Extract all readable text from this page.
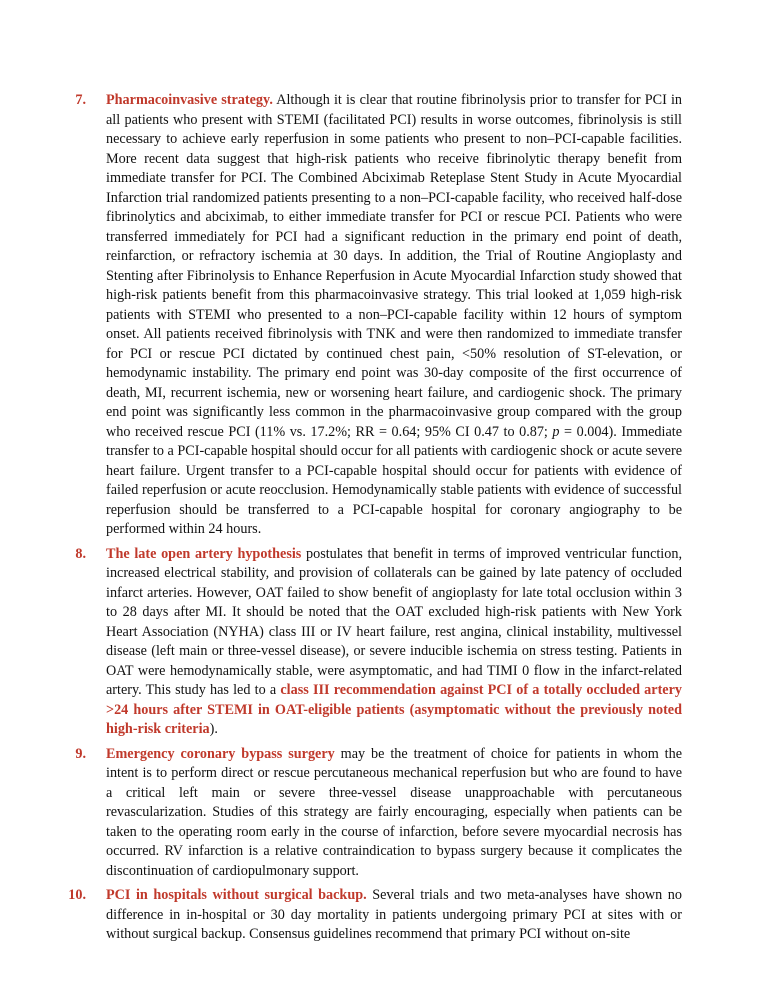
7. Pharmacoinvasive strategy. Although it is clear that routine fibrinolysis prior to transfer for PCI in all patients who present with STEMI (facilitated PCI) results in worse outcomes, fibrinolysis is still necessary to achieve early reperfusion in some patients who present to non–PCI-capable facilities. More recent data suggest that high-risk patients who receive fibrinolytic therapy benefit from immediate transfer for PCI. The Combined Abciximab Reteplase Stent Study in Acute Myocardial Infarction trial randomized patients presenting to a non–PCI-capable facility, who received half-dose fibrinolytics and abciximab, to either immediate transfer for PCI or rescue PCI. Patients who were transferred immediately for PCI had a significant reduction in the primary end point of death, reinfarction, or refractory ischemia at 30 days. In addition, the Trial of Routine Angioplasty and Stenting after Fibrinolysis to Enhance Reperfusion in Acute Myocardial Infarction study showed that high-risk patients benefit from this pharmacoinvasive strategy. This trial looked at 1,059 high-risk patients with STEMI who presented to a non–PCI-capable facility within 12 hours of symptom onset. All patients received fibrinolysis with TNK and were then randomized to immediate transfer for PCI or rescue PCI dictated by continued chest pain, <50% resolution of ST-elevation, or hemodynamic instability. The primary end point was 30-day composite of the first occurrence of death, MI, recurrent ischemia, new or worsening heart failure, and cardiogenic shock. The primary end point was significantly less common in the pharmacoinvasive group compared with the group who received rescue PCI (11% vs. 17.2%; RR = 0.64; 95% CI 0.47 to 0.87; p = 0.004). Immediate transfer to a PCI-capable hospital should occur for all patients with cardiogenic shock or acute severe heart failure. Urgent transfer to a PCI-capable hospital should occur for patients with evidence of failed reperfusion or acute reocclusion. Hemodynamically stable patients with evidence of successful reperfusion should be transferred to a PCI-capable hospital for coronary angiography to be performed within 24 hours.

8. The late open artery hypothesis postulates that benefit in terms of improved ventricular function, increased electrical stability, and provision of collaterals can be gained by late patency of occluded infarct arteries. However, OAT failed to show benefit of angioplasty for late total occlusion within 3 to 28 days after MI. It should be noted that the OAT excluded high-risk patients with New York Heart Association (NYHA) class III or IV heart failure, rest angina, clinical instability, multivessel disease (left main or three-vessel disease), or severe inducible ischemia on stress testing. Patients in OAT were hemodynamically stable, were asymptomatic, and had TIMI 0 flow in the infarct-related artery. This study has led to a class III recommendation against PCI of a totally occluded artery >24 hours after STEMI in OAT-eligible patients (asymptomatic without the previously noted high-risk criteria).

9. Emergency coronary bypass surgery may be the treatment of choice for patients in whom the intent is to perform direct or rescue percutaneous mechanical reperfusion but who are found to have a critical left main or severe three-vessel disease unapproachable with percutaneous revascularization. Studies of this strategy are fairly encouraging, especially when patients can be taken to the operating room early in the course of infarction, before severe myocardial necrosis has occurred. RV infarction is a relative contraindication to bypass surgery because it complicates the discontinuation of cardiopulmonary support.

10. PCI in hospitals without surgical backup. Several trials and two meta-analyses have shown no difference in in-hospital or 30 day mortality in patients undergoing primary PCI at sites with or without surgical backup. Consensus guidelines recommend that primary PCI without on-site
